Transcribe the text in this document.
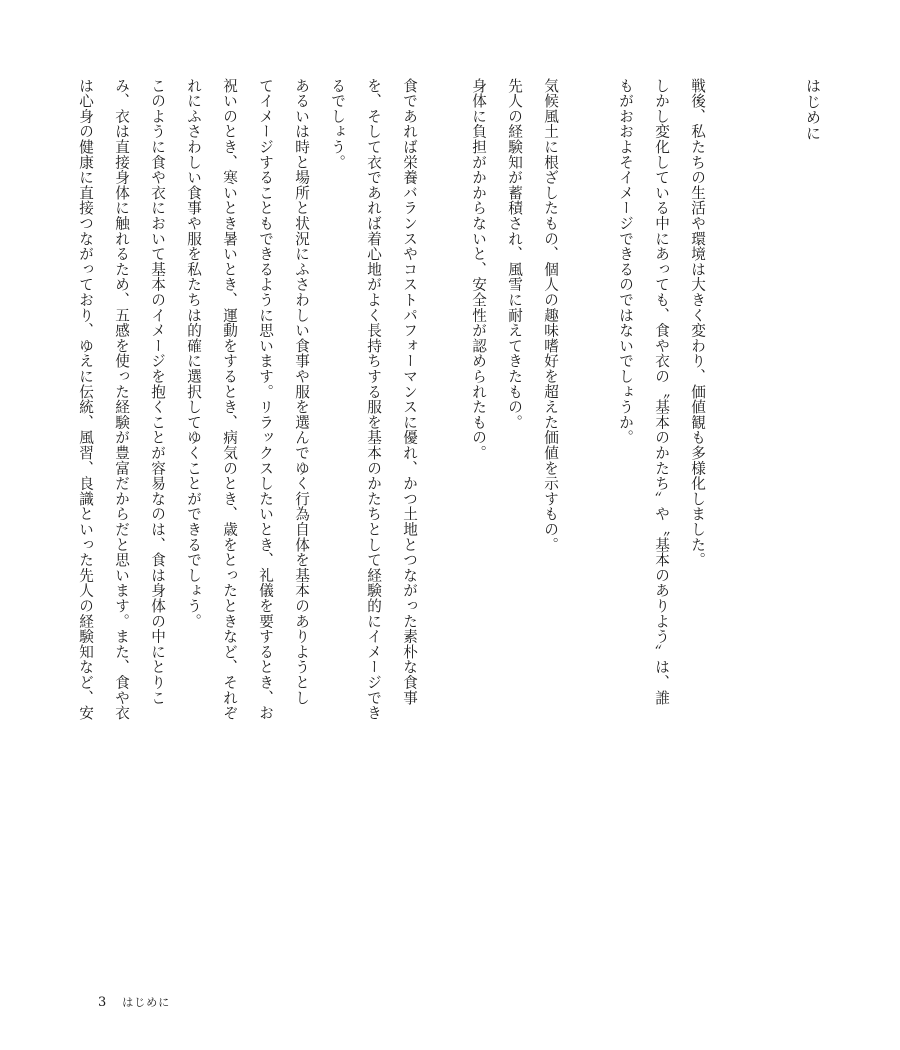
はじめに
戦後、私たちの生活や環境は大きく変わり、価値観も多様化しました。
しかし変化している中にあっても、食や衣の〝基本のかたち〟や〝基本のありよう〟は、誰
もがおおよそイメージできるのではないでしょうか。
気候風土に根ざしたもの、個人の趣味嗜好を超えた価値を示すもの。
先人の経験知が蓄積され、風雪に耐えてきたもの。
身体に負担がかからないと、安全性が認められたもの。
食であれば栄養バランスやコストパフォーマンスに優れ、かつ土地とつながった素朴な食事
を、そして衣であれば着心地がよく長持ちする服を基本のかたちとして経験的にイメージでき
るでしょう。
あるいは時と場所と状況にふさわしい食事や服を選んでゆく行為自体を基本のありようとし
てイメージすることもできるように思います。リラックスしたいとき、礼儀を要するとき、お
祝いのとき、寒いとき暑いとき、運動をするとき、病気のとき、歳をとったときなど、それぞ
れにふさわしい食事や服を私たちは的確に選択してゆくことができるでしょう。
このように食や衣において基本のイメージを抱くことが容易なのは、食は身体の中にとりこ
み、衣は直接身体に触れるため、五感を使った経験が豊富だからだと思います。また、食や衣
は心身の健康に直接つながっており、ゆえに伝統、風習、良識といった先人の経験知など、安
3 はじめに
